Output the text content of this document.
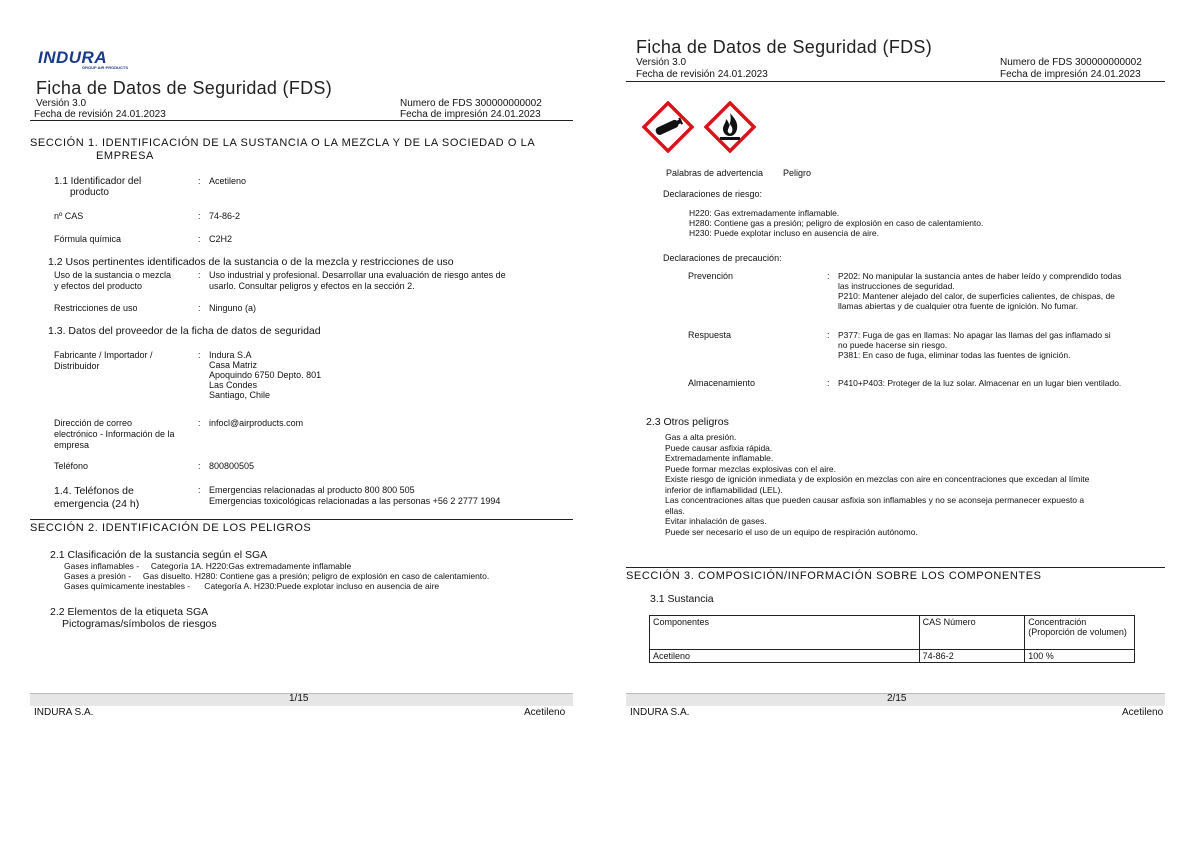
INDURA
GROUP AIR PRODUCTS
Ficha de Datos de Seguridad (FDS)
Versión 3.0	Numero de FDS 300000000002
Fecha de revisión 24.01.2023	Fecha de impresión 24.01.2023
SECCIÓN 1. IDENTIFICACIÓN DE LA SUSTANCIA O LA MEZCLA Y DE LA SOCIEDAD O LA
EMPRESA
1.1 Identificador del
producto
: Acetileno
nº CAS	: 74-86-2
Fórmula química	: C2H2
1.2 Usos pertinentes identificados de la sustancia o de la mezcla y restricciones de uso
Uso de la sustancia o mezcla
y efectos del producto
: Uso industrial y profesional. Desarrollar una evaluación de riesgo antes de
usarlo. Consultar peligros y efectos en la sección 2.
Restricciones de uso	: Ninguno (a)
1.3. Datos del proveedor de la ficha de datos de seguridad
Fabricante / Importador /
Distribuidor
: Indura S.A
Casa Matriz
Apoquindo 6750 Depto. 801
Las Condes
Santiago, Chile
Dirección de correo
electrónico - Información de la
empresa
: infocl@airproducts.com
Teléfono	: 800800505
1.4. Teléfonos de
emergencia (24 h)
: Emergencias relacionadas al producto 800 800 505
Emergencias toxicológicas relacionadas a las personas +56 2 2777 1994
SECCIÓN 2. IDENTIFICACIÓN DE LOS PELIGROS
2.1 Clasificación de la sustancia según el SGA
Gases inflamables -     Categoría 1A. H220:Gas extremadamente inflamable
Gases a presión -     Gas disuelto. H280: Contiene gas a presión; peligro de explosión en caso de calentamiento.
Gases químicamente inestables -      Categoría A. H230:Puede explotar incluso en ausencia de aire
2.2 Elementos de la etiqueta SGA
Pictogramas/símbolos de riesgos
1/15
INDURA S.A.	Acetileno
Ficha de Datos de Seguridad (FDS)
Versión 3.0	Numero de FDS 300000000002
Fecha de revisión 24.01.2023	Fecha de impresión 24.01.2023
Palabras de advertencia Peligro
Declaraciones de riesgo:
H220: Gas extremadamente inflamable.
H280: Contiene gas a presión; peligro de explosión en caso de calentamiento.
H230: Puede explotar incluso en ausencia de aire.
Declaraciones de precaución:
Prevención	: P202: No manipular la sustancia antes de haber leído y comprendido todas
las instrucciones de seguridad.
P210: Mantener alejado del calor, de superficies calientes, de chispas, de
llamas abiertas y de cualquier otra fuente de ignición. No fumar.
Respuesta	: P377: Fuga de gas en llamas: No apagar las llamas del gas inflamado si
no puede hacerse sin riesgo.
P381: En caso de fuga, eliminar todas las fuentes de ignición.
Almacenamiento	: P410+P403: Proteger de la luz solar. Almacenar en un lugar bien ventilado.
2.3 Otros peligros
Gas a alta presión.
Puede causar asfixia rápida.
Extremadamente inflamable.
Puede formar mezclas explosivas con el aire.
Existe riesgo de ignición inmediata y de explosión en mezclas con aire en concentraciones que excedan al límite
inferior de inflamabilidad (LEL).
Las concentraciones altas que pueden causar asfixia son inflamables y no se aconseja permanecer expuesto a
ellas.
Evitar inhalación de gases.
Puede ser necesario el uso de un equipo de respiración autónomo.
SECCIÓN 3. COMPOSICIÓN/INFORMACIÓN SOBRE LOS COMPONENTES
3.1 Sustancia
Componentes	CAS Número	Concentración (Proporción de volumen)
Acetileno	74-86-2	100 %
2/15
INDURA S.A.	Acetileno
